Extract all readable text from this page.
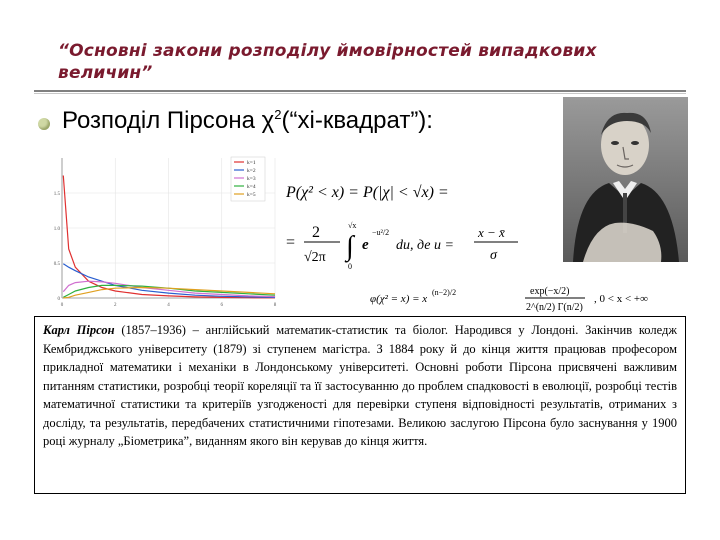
“Основні закони розподілу ймовірностей випадкових величин”
Розподіл Пірсона $\chi^2(“хі-квадрат”)$:
0
0.5
1.0
1.5
0	2	4	6	8
k=1
k=2
k=3
k=4
k=5 P(χ² < x) = P(|χ| < √x) =
=
2
√2π ∫
√x
0
e
−u²/2
du, де u =
x − x̄
σ
φ(χ² = x) = x
(n−2)/2	exp(−x/2)
2^(n/2) Γ(n/2)
, 0 < x < +∞
Карл Пірсон (1857–1936) – англійський математик-статистик та біолог. Народився у Лондоні. Закінчив коледж Кембриджського університету (1879) зі ступенем магістра. З 1884 року й до кінця життя працював професором прикладної математики і механіки в Лондонському університеті. Основні роботи Пірсона присвячені важливим питанням статистики, розробці теорії кореляції та її застосуванню до проблем спадковості в еволюції, розробці тестів математичної статистики та критеріїв узгодженості для перевірки ступеня відповідності результатів, отриманих з досліду, та результатів, передбачених статистичними гіпотезами. Великою заслугою Пірсона було заснування у 1900 році журналу „Біометрика”, виданням якого він керував до кінця життя.
